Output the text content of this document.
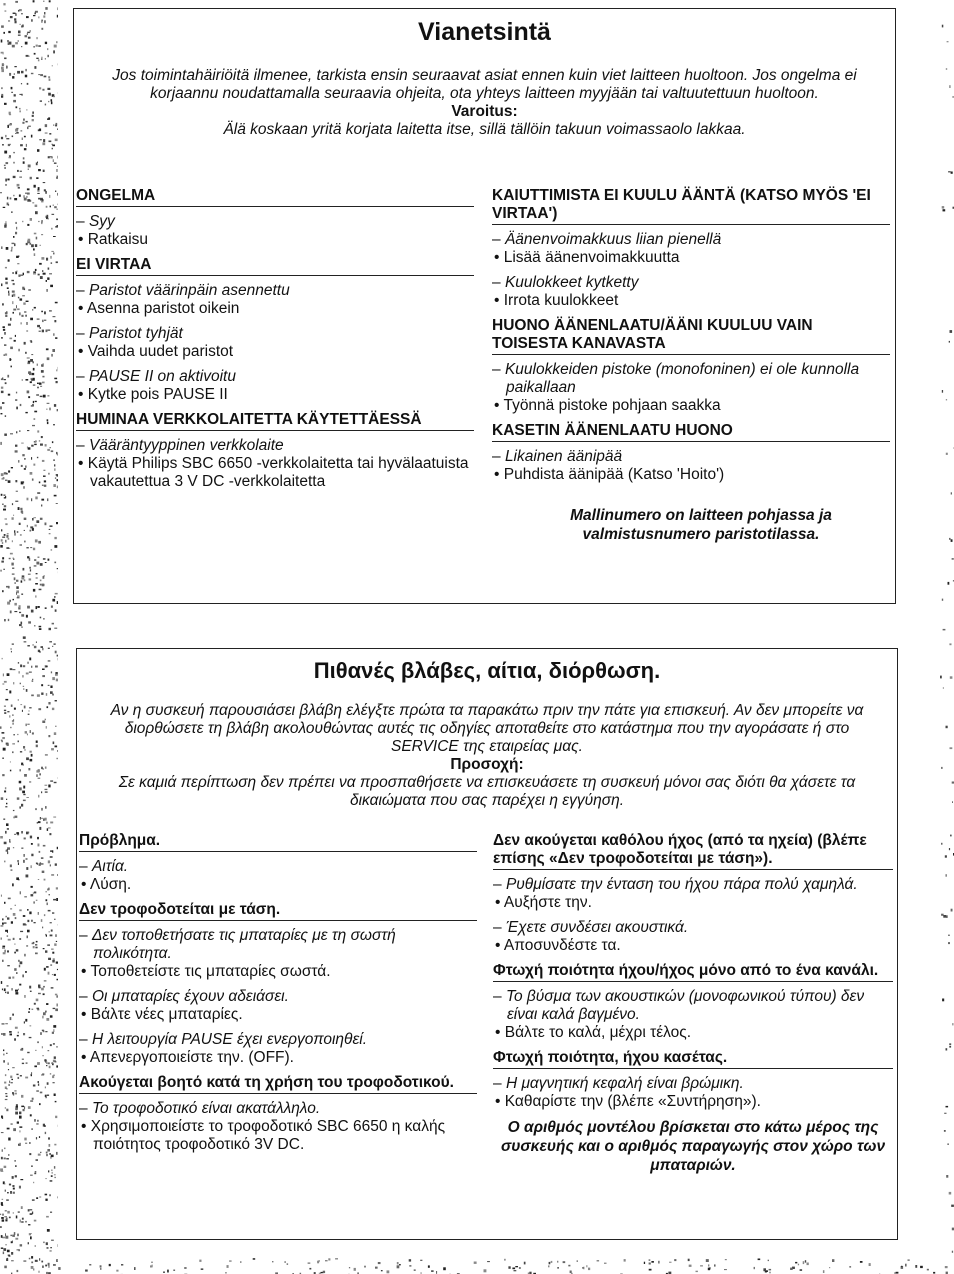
Vianetsintä

Jos toimintahäiriöitä ilmenee, tarkista ensin seuraavat asiat ennen kuin viet laitteen huoltoon. Jos ongelma ei korjaannu noudattamalla seuraavia ohjeita, ota yhteys laitteen myyjään tai valtuutettuun huoltoon.

Varoitus:

Älä koskaan yritä korjata laitetta itse, sillä tällöin takuun voimassaolo lakkaa.

ONGELMA
– Syy
• Ratkaisu
EI VIRTAA
– Paristot väärinpäin asennettu
• Asenna paristot oikein
– Paristot tyhjät
• Vaihda uudet paristot
– PAUSE II on aktivoitu
• Kytke pois PAUSE II
HUMINAA VERKKOLAITETTA KÄYTETTÄESSÄ
– Vääräntyyppinen verkkolaite
• Käytä Philips SBC 6650 -verkkolaitetta tai hyvälaatuista vakautettua 3 V DC -verkkolaitetta
KAIUTTIMISTA EI KUULU ÄÄNTÄ (KATSO MYÖS 'EI VIRTAA')
– Äänenvoimakkuus liian pienellä
• Lisää äänenvoimakkuutta
– Kuulokkeet kytketty
• Irrota kuulokkeet
HUONO ÄÄNENLAATU/ÄÄNI KUULUU VAIN TOISESTA KANAVASTA
– Kuulokkeiden pistoke (monofoninen) ei ole kunnolla paikallaan
• Työnnä pistoke pohjaan saakka
KASETIN ÄÄNENLAATU HUONO
– Likainen äänipää
• Puhdista äänipää (Katso 'Hoito')
Mallinumero on laitteen pohjassa ja valmistusnumero paristotilassa.
Πιθανές βλάβες, αίτια, διόρθωση.

Αν η συσκευή παρουσιάσει βλάβη ελέγξτε πρώτα τα παρακάτω πριν την πάτε για επισκευή. Αν δεν μπορείτε να διορθώσετε τη βλάβη ακολουθώντας αυτές τις οδηγίες αποταθείτε στο κατάστημα που την αγοράσατε ή στο SERVICE της εταιρείας μας.

Προσοχή:

Σε καμιά περίπτωση δεν πρέπει να προσπαθήσετε να επισκευάσετε τη συσκευή μόνοι σας διότι θα χάσετε τα δικαιώματα που σας παρέχει η εγγύηση.

Πρόβλημα.
– Αιτία.
• Λύση.
Δεν τροφοδοτείται με τάση.
– Δεν τοποθετήσατε τις μπαταρίες με τη σωστή πολικότητα.
• Τοποθετείστε τις μπαταρίες σωστά.
– Οι μπαταρίες έχουν αδειάσει.
• Βάλτε νέες μπαταρίες.
– Η λειτουργία PAUSE έχει ενεργοποιηθεί.
• Απενεργοποιείστε την. (OFF).
Ακούγεται βοητό κατά τη χρήση του τροφοδοτικού.
– Το τροφοδοτικό είναι ακατάλληλο.
• Χρησιμοποιείστε το τροφοδοτικό SBC 6650 η καλής ποιότητος τροφοδοτικό 3V DC.
Δεν ακούγεται καθόλου ήχος (από τα ηχεία) (βλέπε επίσης «Δεν τροφοδοτείται με τάση»).
– Ρυθμίσατε την ένταση του ήχου πάρα πολύ χαμηλά.
• Αυξήστε την.
– Έχετε συνδέσει ακουστικά.
• Αποσυνδέστε τα.
Φτωχή ποιότητα ήχου/ήχος μόνο από το ένα κανάλι.
– Το βύσμα των ακουστικών (μονοφωνικού τύπου) δεν είναι καλά βαγμένο.
• Βάλτε το καλά, μέχρι τέλος.
Φτωχή ποιότητα, ήχου κασέτας.
– Η μαγνητική κεφαλή είναι βρώμικη.
• Καθαρίστε την (βλέπε «Συντήρηση»).
Ο αριθμός μοντέλου βρίσκεται στο κάτω μέρος της συσκευής και ο αριθμός παραγωγής στον χώρο των μπαταριών.
